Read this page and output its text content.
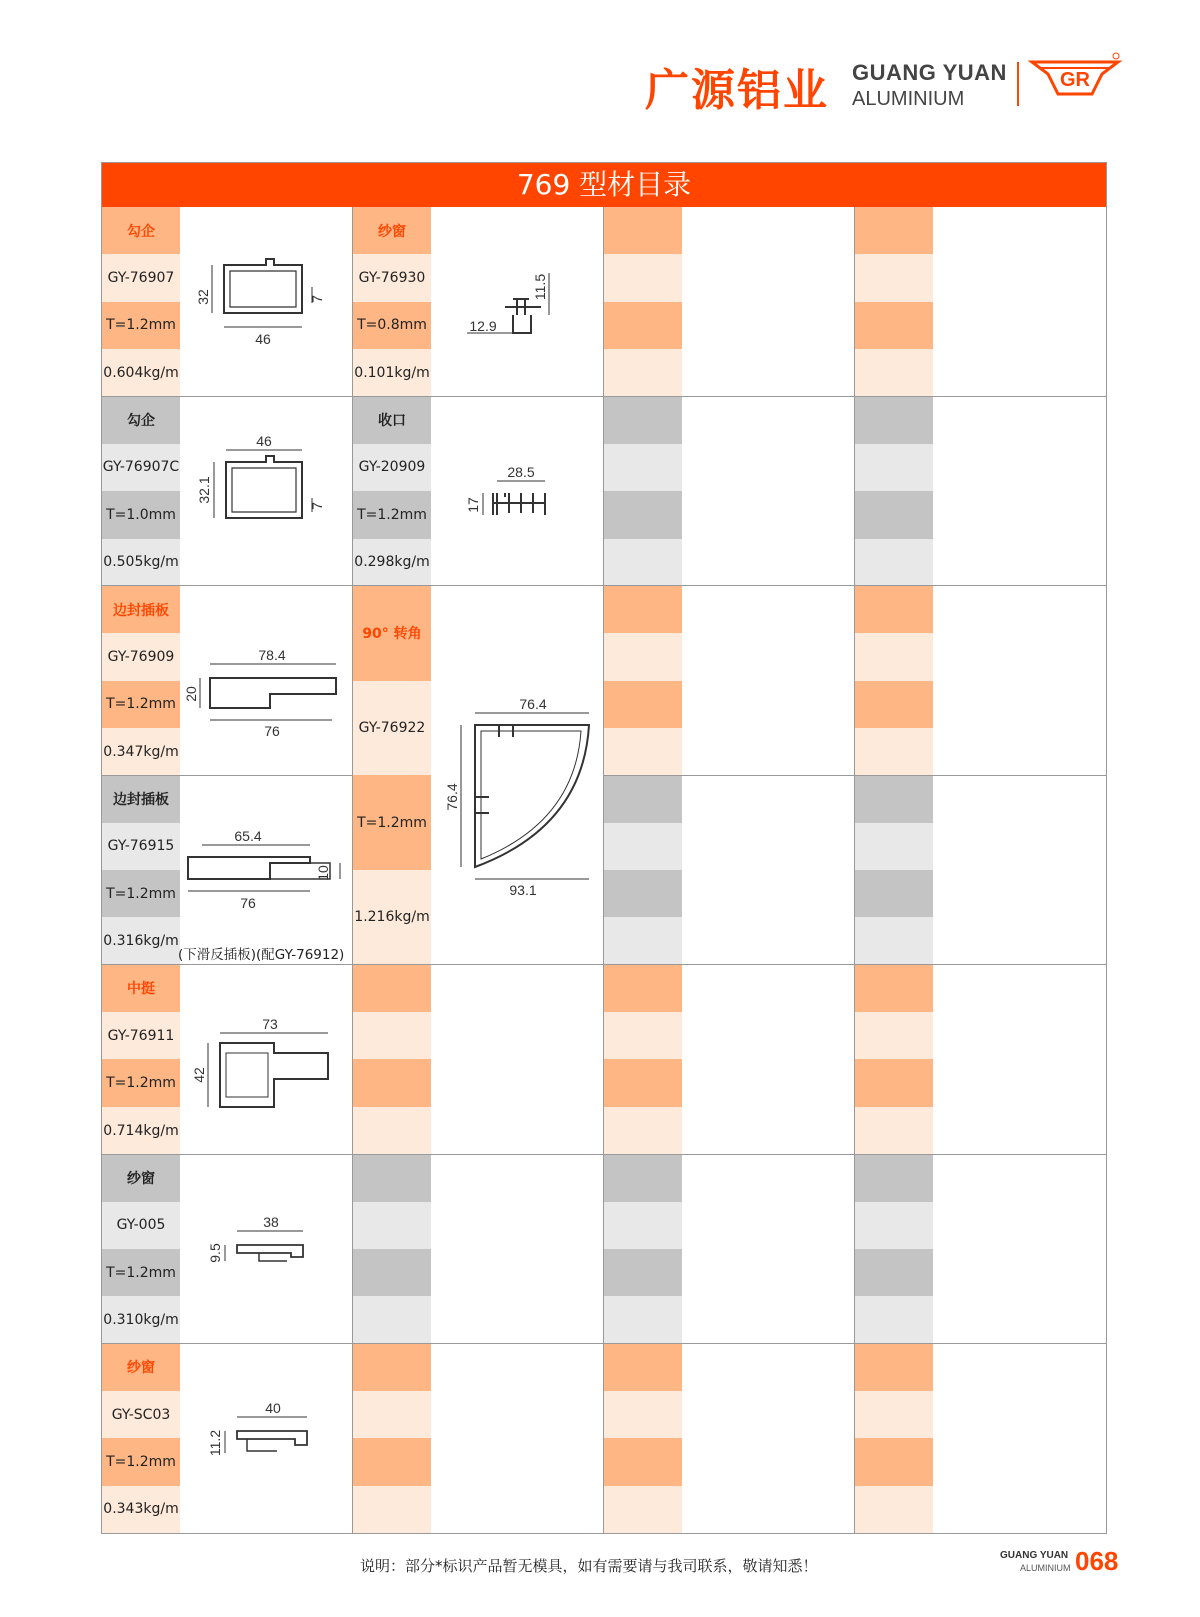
广源铝业 GUANG YUAN
ALUMINIUM
GR
769 型材目录
勾企
GY-76907
T=1.2mm
0.604kg/m
勾企
GY-76907C
T=1.0mm
0.505kg/m
边封插板
GY-76909
T=1.2mm
0.347kg/m
边封插板
GY-76915
T=1.2mm
0.316kg/m
中挺
GY-76911
T=1.2mm
0.714kg/m
纱窗
GY-005
T=1.2mm
0.310kg/m
纱窗
GY-SC03
T=1.2mm
0.343kg/m
32	7
46
46
32.1
7
78.4
20
76
65.4
10
76
(下滑反插板)(配GY-76912)
73
42
38
9.5
40
11.2
纱窗
GY-76930
T=0.8mm
0.101kg/m
收口
GY-20909
T=1.2mm
0.298kg/m
90° 转角
GY-76922
T=1.2mm
1.216kg/m
11.5
12.9
28.5
17
76.4
76.4
93.1
说明：部分*标识产品暂无模具，如有需要请与我司联系，敬请知悉！
GUANG YUAN
ALUMINIUM 068
